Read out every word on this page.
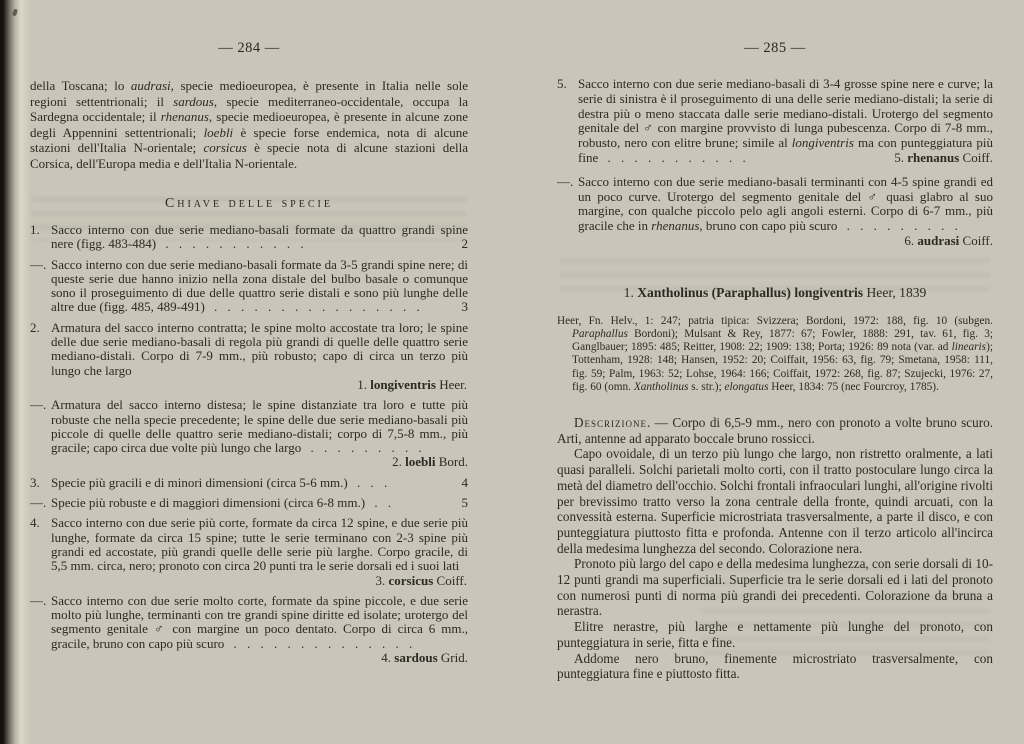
— 284 —

della Toscana; lo audrasi, specie medioeuropea, è presente in Italia nelle sole regioni settentrionali; il sardous, specie mediterraneo-occidentale, occupa la Sardegna occidentale; il rhenanus, specie medioeuropea, è presente in alcune zone degli Appennini settentrionali; loebli è specie forse endemica, nota di alcune stazioni dell'Italia N-orientale; corsicus è specie nota di alcune stazioni della Corsica, dell'Europa media e dell'Italia N-orientale.

Chiave delle specie
1. Sacco interno con due serie mediano-basali formate da quattro grandi spine nere (figg. 483-484) . . . . . . . . . . .	2
—. Sacco interno con due serie mediano-basali formate da 3-5 grandi spine nere; di queste serie due hanno inizio nella zona distale del bulbo basale o comunque sono il proseguimento di due delle quattro serie distali e sono più lunghe delle altre due (figg. 485, 489-491) . . . . . . . . . . . . . . . .	3
2. Armatura del sacco interno contratta; le spine molto accostate tra loro; le spine delle due serie mediano-basali di regola più grandi di quelle delle quattro serie mediano-distali. Corpo di 7-9 mm., più robusto; capo di circa un terzo più lungo che largo
1. longiventris Heer.
—. Armatura del sacco interno distesa; le spine distanziate tra loro e tutte più robuste che nella specie precedente; le spine delle due serie mediano-basali più piccole di quelle delle quattro serie mediano-distali; corpo di 7,5-8 mm., più gracile; capo circa due volte più lungo che largo . . . . . . . . .
2. loebli Bord.
3. Specie più gracili e di minori dimensioni (circa 5-6 mm.) . . .	4
—. Specie più robuste e di maggiori dimensioni (circa 6-8 mm.) . .	5
4. Sacco interno con due serie più corte, formate da circa 12 spine, e due serie più lunghe, formate da circa 15 spine; tutte le serie terminano con 2-3 spine più grandi ed accostate, più grandi quelle delle serie più larghe. Corpo gracile, di 5,5 mm. circa, nero; pronoto con circa 20 punti tra le serie dorsali ed i suoi lati
3. corsicus Coiff.
—. Sacco interno con due serie molto corte, formate da spine piccole, e due serie molto più lunghe, terminanti con tre grandi spine diritte ed isolate; urotergo del segmento genitale ♂ con margine un poco dentato. Corpo di circa 6 mm., gracile, bruno con capo più scuro . . . . . . . . . . . . . .
4. sardous Grid.
— 285 —
5. Sacco interno con due serie mediano-basali di 3-4 grosse spine nere e curve; la serie di sinistra è il proseguimento di una delle serie mediano-distali; la serie di destra più o meno staccata dalle serie mediano-distali. Urotergo del segmento genitale del ♂ con margine provvisto di lunga pubescenza. Corpo di 7-8 mm., robusto, nero con elitre brune; simile al longiventris ma con punteggiatura più fine . . . . . . . . . . .	5. rhenanus Coiff.
—. Sacco interno con due serie mediano-basali terminanti con 4-5 spine grandi ed un poco curve. Urotergo del segmento genitale del ♂ quasi glabro al suo margine, con qualche piccolo pelo agli angoli esterni. Corpo di 6-7 mm., più gracile che in rhenanus, bruno con capo più scuro . . . . . . . . .
6. audrasi Coiff.
1. Xantholinus (Paraphallus) longiventris Heer, 1839

Heer, Fn. Helv., 1: 247; patria tipica: Svizzera; Bordoni, 1972: 188, fig. 10 (subgen. Paraphallus Bordoni); Mulsant & Rey, 1877: 67; Fowler, 1888: 291, tav. 61, fig. 3; Ganglbauer; 1895: 485; Reitter, 1908: 22; 1909: 138; Porta; 1926: 89 nota (var. ad linearis); Tottenham, 1928: 148; Hansen, 1952: 20; Coiffait, 1956: 63, fig. 79; Smetana, 1958: 111, fig. 59; Palm, 1963: 52; Lohse, 1964: 166; Coiffait, 1972: 268, fig. 87; Szujecki, 1976: 27, fig. 60 (omn. Xantholinus s. str.); elongatus Heer, 1834: 75 (nec Fourcroy, 1785).

Descrizione. — Corpo di 6,5-9 mm., nero con pronoto a volte bruno scuro. Arti, antenne ad apparato boccale bruno rossicci.

Capo ovoidale, di un terzo più lungo che largo, non ristretto oralmente, a lati quasi paralleli. Solchi parietali molto corti, con il tratto postoculare lungo circa la metà del diametro dell'occhio. Solchi frontali infraoculari lunghi, all'origine rivolti per brevissimo tratto verso la zona centrale della fronte, quindi arcuati, con la convessità esterna. Superficie microstriata trasversalmente, a parte il disco, e con punteggiatura piuttosto fitta e profonda. Antenne con il terzo articolo all'incirca della medesima lunghezza del secondo. Colorazione nera.

Pronoto più largo del capo e della medesima lunghezza, con serie dorsali di 10-12 punti grandi ma superficiali. Superficie tra le serie dorsali ed i lati del pronoto con numerosi punti di norma più grandi dei precedenti. Colorazione da bruna a nerastra.

Elitre nerastre, più larghe e nettamente più lunghe del pronoto, con punteggiatura in serie, fitta e fine.

Addome nero bruno, finemente microstriato trasversalmente, con punteggiatura fine e piuttosto fitta.
